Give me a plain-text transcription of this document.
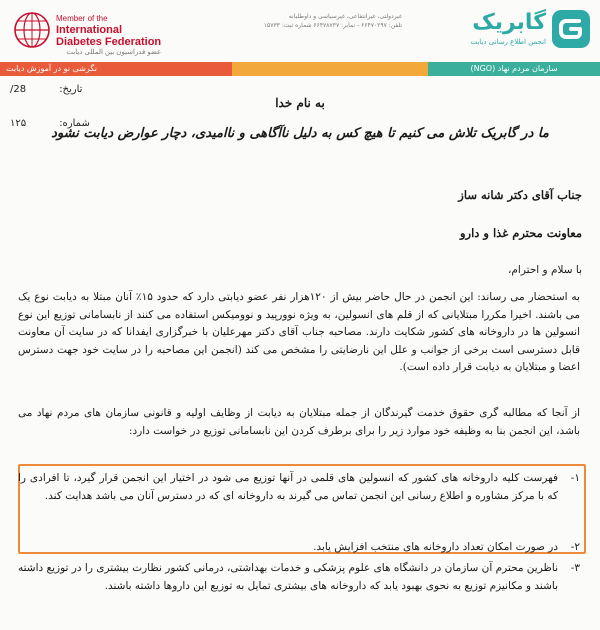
Member of the
International
Diabetes Federation
عضو فدراسیون بین المللی دیابت
غیردولتی، غیرانتفاعی، غیرسیاسی و داوطلبانه
تلفن: ۶۶۴۷۰۲۹۷ - نمابر: ۶۶۴۷۸۷۳۷ شماره ثبت: ۱۵۷۳۳	گابریک
انجمن اطلاع رسانی دیابت
نگرشی نو در آموزش دیابت	سازمان مردم نهاد (NGO)
/28	تاریخ:
۱۲۵	شماره:
به نام خدا
ما در گابریک تلاش می کنیم تا هیچ کس به دلیل ناآگاهی و ناامیدی، دچار عوارض دیابت نشود
جناب آقای دکتر شانه ساز
معاونت محترم غذا و دارو
با سلام و احترام،
به استحضار می رساند: این انجمن در حال حاضر بیش از ۱۲۰هزار نفر عضو دیابتی دارد که حدود ۱۵٪ آنان مبتلا به دیابت نوع یک می باشند. اخیرا مکررا مبتلایانی که از قلم های انسولین، به ویژه نوورپید و نوومیکس استفاده می کنند از نابسامانی توزیع این نوع انسولین ها در داروخانه های کشور شکایت دارند. مصاحبه جناب آقای دکتر مهرعلیان با خبرگزاری ایفدانا که در سایت آن معاونت قابل دسترسی است برخی از جوانب و علل این نارضایتی را مشخص می کند (انجمن این مصاحبه را در سایت خود جهت دسترس اعضا و مبتلایان به دیابت قرار داده است).
از آنجا که مطالبه گری حقوق خدمت گیرندگان از جمله مبتلایان به دیابت از وظایف اولیه و قانونی سازمان های مردم نهاد می باشد، این انجمن بنا به وظیفه خود موارد زیر را برای برطرف کردن این نابسامانی توزیع در خواست دارد:
۱-
فهرست کلیه داروخانه های کشور که انسولین های قلمی در آنها توزیع می شود در اختیار این انجمن قرار گیرد، تا افرادی را که با مرکز مشاوره و اطلاع رسانی این انجمن تماس می گیرند به داروخانه ای که در دسترس آنان می باشد هدایت کند.
۲-
در صورت امکان تعداد داروخانه های منتخب افزایش یابد.
۳-
ناظرین محترم آن سازمان در دانشگاه های علوم پزشکی و خدمات بهداشتی، درمانی کشور نظارت بیشتری را در توزیع داشته باشند و مکانیزم توزیع به نحوی بهبود یابد که داروخانه های بیشتری تمایل به توزیع این داروها داشته باشند.
